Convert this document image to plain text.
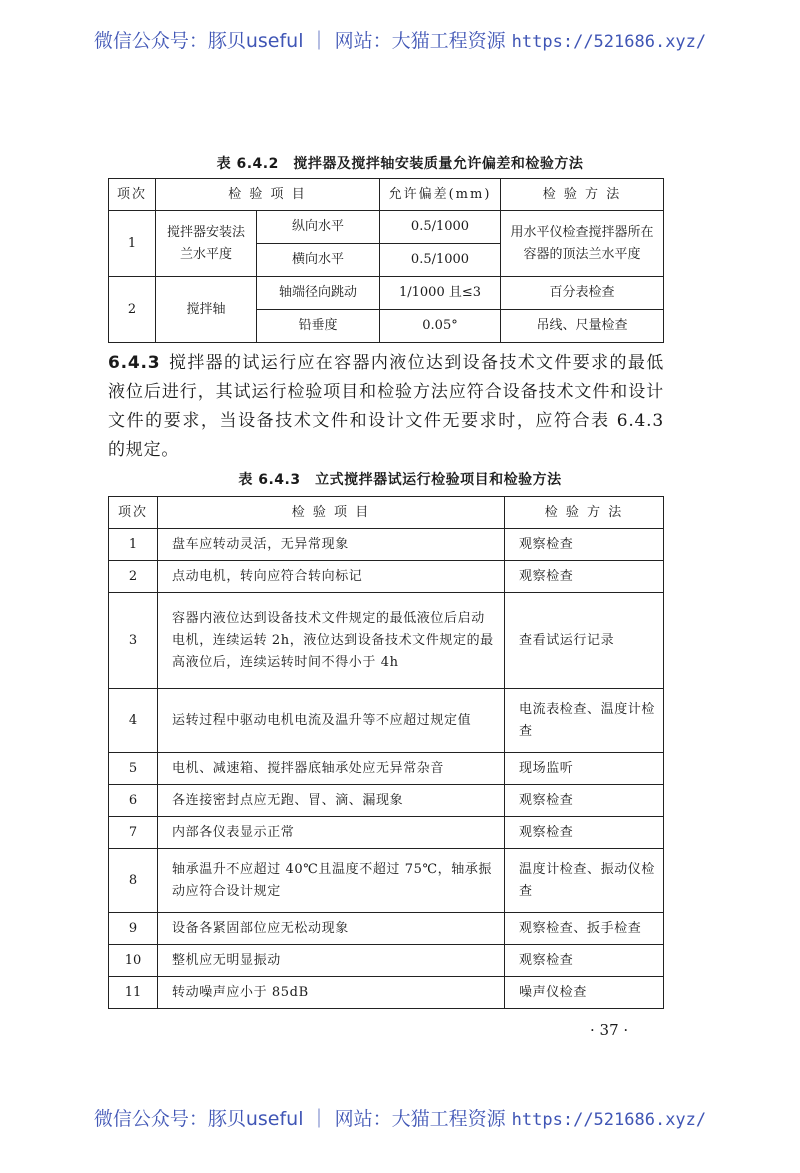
微信公众号：豚贝useful ｜ 网站：大猫工程资源 https://521686.xyz/
表 6.4.2　搅拌器及搅拌轴安装质量允许偏差和检验方法
项次	检 验 项 目		允许偏差(mm)	检 验 方 法
1	搅拌器安装法兰水平度	纵向水平	0.5/1000	用水平仪检查搅拌器所在容器的顶法兰水平度
		横向水平	0.5/1000	
2	搅拌轴	轴端径向跳动	1/1000 且≤3	百分表检查
		铅垂度	0.05°	吊线、尺量检查

6.4.3 搅拌器的试运行应在容器内液位达到设备技术文件要求的最低液位后进行，其试运行检验项目和检验方法应符合设备技术文件和设计文件的要求，当设备技术文件和设计文件无要求时，应符合表 6.4.3 的规定。

表 6.4.3　立式搅拌器试运行检验项目和检验方法
项次	检 验 项 目	检 验 方 法
1	盘车应转动灵活，无异常现象	观察检查
2	点动电机，转向应符合转向标记	观察检查
3	容器内液位达到设备技术文件规定的最低液位后启动电机，连续运转 2h，液位达到设备技术文件规定的最高液位后，连续运转时间不得小于 4h	查看试运行记录
4	运转过程中驱动电机电流及温升等不应超过规定值	电流表检查、温度计检查
5	电机、减速箱、搅拌器底轴承处应无异常杂音	现场监听
6	各连接密封点应无跑、冒、滴、漏现象	观察检查
7	内部各仪表显示正常	观察检查
8	轴承温升不应超过 40℃且温度不超过 75℃，轴承振动应符合设计规定	温度计检查、振动仪检查
9	设备各紧固部位应无松动现象	观察检查、扳手检查
10	整机应无明显振动	观察检查
11	转动噪声应小于 85dB	噪声仪检查
· 37 ·
微信公众号：豚贝useful ｜ 网站：大猫工程资源 https://521686.xyz/
